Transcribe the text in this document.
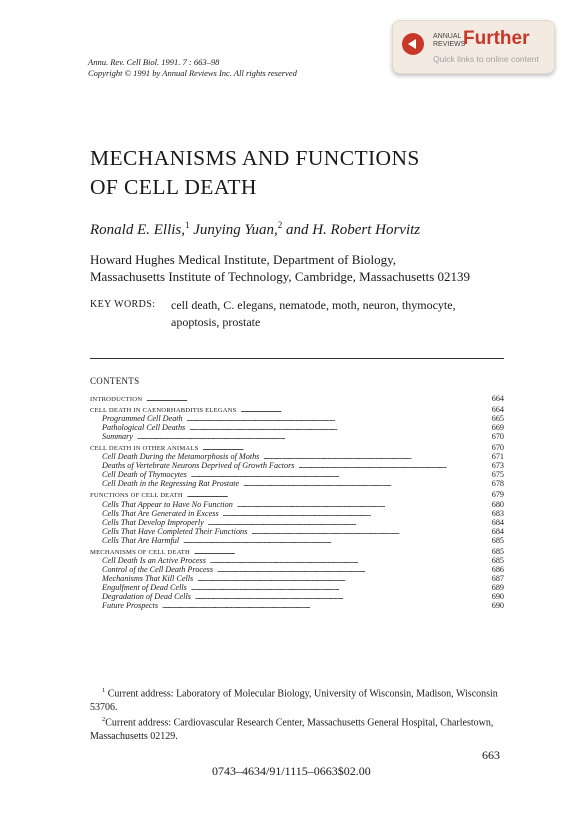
Annu. Rev. Cell Biol. 1991. 7 : 663–98
Copyright © 1991 by Annual Reviews Inc. All rights reserved
ANNUAL
REVIEWS
Further
Quick links to online content
MECHANISMS AND FUNCTIONS
OF CELL DEATH
Ronald E. Ellis,$^1$ Junying Yuan,$^2$ and H. Robert Horvitz
Howard Hughes Medical Institute, Department of Biology,
Massachusetts Institute of Technology, Cambridge, Massachusetts 02139
KEY WORDS: cell death, C. elegans, nematode, moth, neuron, thymocyte, apoptosis, prostate
CONTENTS
INTRODUCTION . . .	664
CELL DEATH IN CAENORHABDITIS ELEGANS . . .	664
Programmed Cell Death . . .	665
Pathological Cell Deaths . . .	669
Summary . . .	670
CELL DEATH IN OTHER ANIMALS . . .	670
Cell Death During the Metamorphosis of Moths . . .	671
Deaths of Vertebrate Neurons Deprived of Growth Factors . . .	673
Cell Death of Thymocytes . . .	675
Cell Death in the Regressing Rat Prostate . . .	678
FUNCTIONS OF CELL DEATH . . .	679
Cells That Appear to Have No Function . . .	680
Cells That Are Generated in Excess . . .	683
Cells That Develop Improperly . . .	684
Cells That Have Completed Their Functions . . .	684
Cells That Are Harmful . . .	685
MECHANISMS OF CELL DEATH . . .	685
Cell Death Is an Active Process . . .	685
Control of the Cell Death Process . . .	686
Mechanisms That Kill Cells . . .	687
Engulfment of Dead Cells . . .	689
Degradation of Dead Cells . . .	690
Future Prospects . . .	690
$^1$ Current address: Laboratory of Molecular Biology, University of Wisconsin, Madison, Wisconsin 53706.
$^2$Current address: Cardiovascular Research Center, Massachusetts General Hospital, Charlestown, Massachusetts 02129.
663
0743–4634/91/1115–0663$02.00
